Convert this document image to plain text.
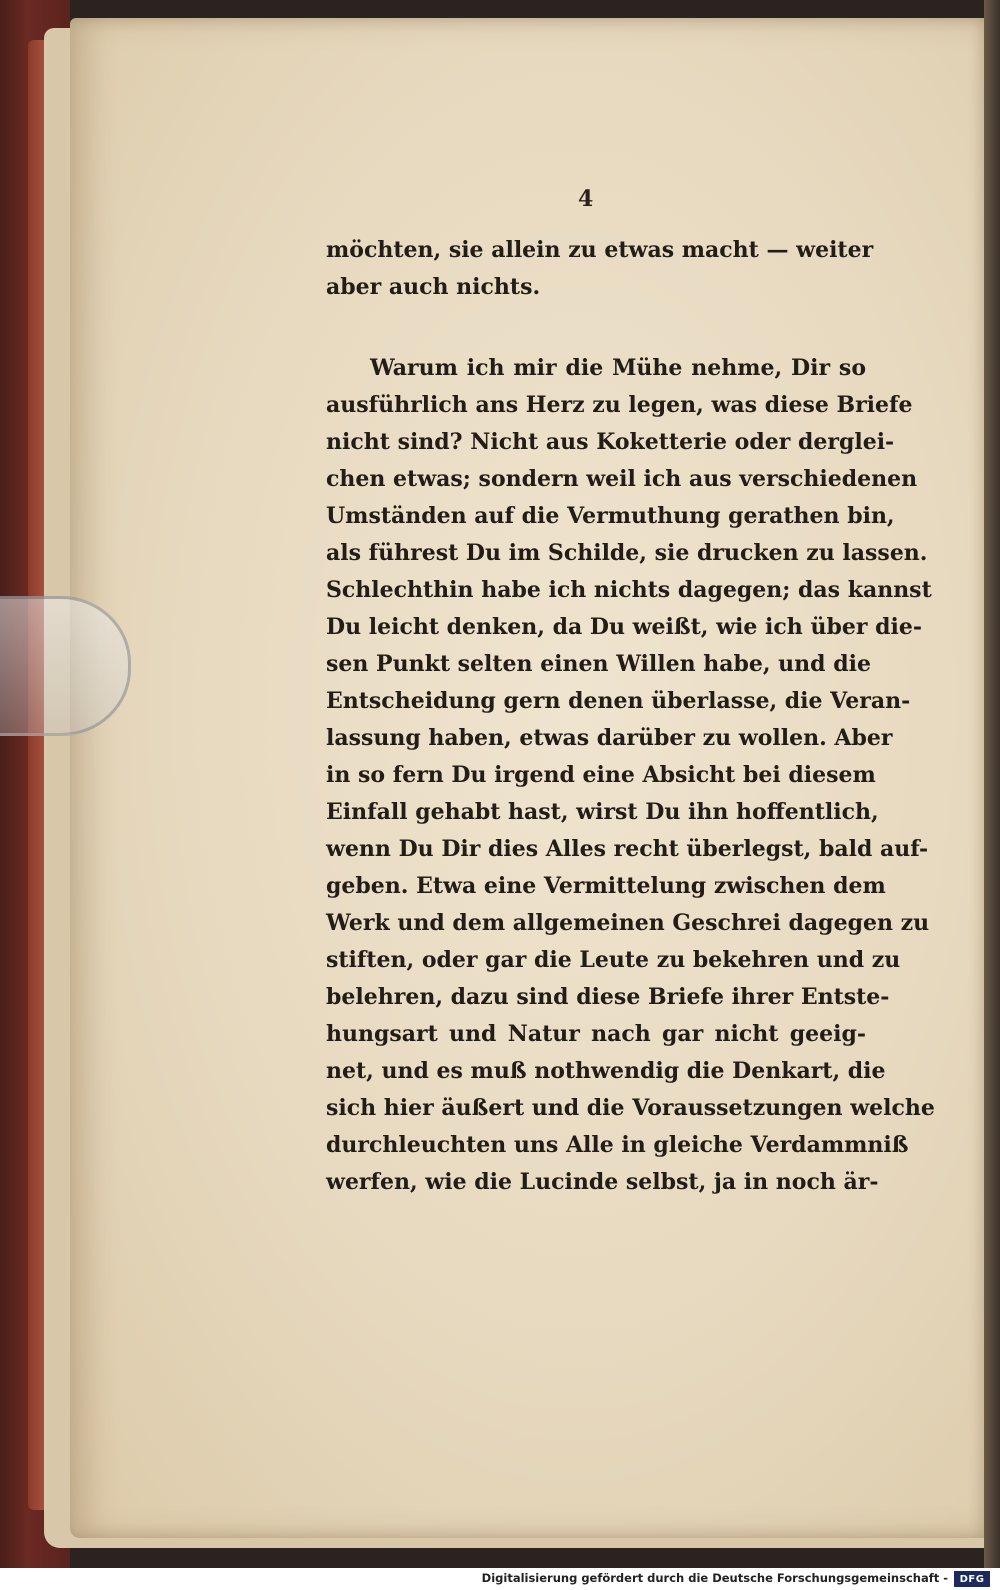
4
möchten, sie allein zu etwas macht — weiter
aber auch nichts.
Warum ich mir die Mühe nehme, Dir so
ausführlich ans Herz zu legen, was diese Briefe
nicht sind? Nicht aus Koketterie oder derglei-
chen etwas; sondern weil ich aus verschiedenen
Umständen auf die Vermuthung gerathen bin,
als führest Du im Schilde, sie drucken zu lassen.
Schlechthin habe ich nichts dagegen; das kannst
Du leicht denken, da Du weißt, wie ich über die-
sen Punkt selten einen Willen habe, und die
Entscheidung gern denen überlasse, die Veran-
lassung haben, etwas darüber zu wollen. Aber
in so fern Du irgend eine Absicht bei diesem
Einfall gehabt hast, wirst Du ihn hoffentlich,
wenn Du Dir dies Alles recht überlegst, bald auf-
geben. Etwa eine Vermittelung zwischen dem
Werk und dem allgemeinen Geschrei dagegen zu
stiften, oder gar die Leute zu bekehren und zu
belehren, dazu sind diese Briefe ihrer Entste-
hungsart und Natur nach gar nicht geeig-
net, und es muß nothwendig die Denkart, die
sich hier äußert und die Voraussetzungen welche
durchleuchten uns Alle in gleiche Verdammniß
werfen, wie die Lucinde selbst, ja in noch är-
Digitalisierung gefördert durch die Deutsche Forschungsgemeinschaft -	DFG
